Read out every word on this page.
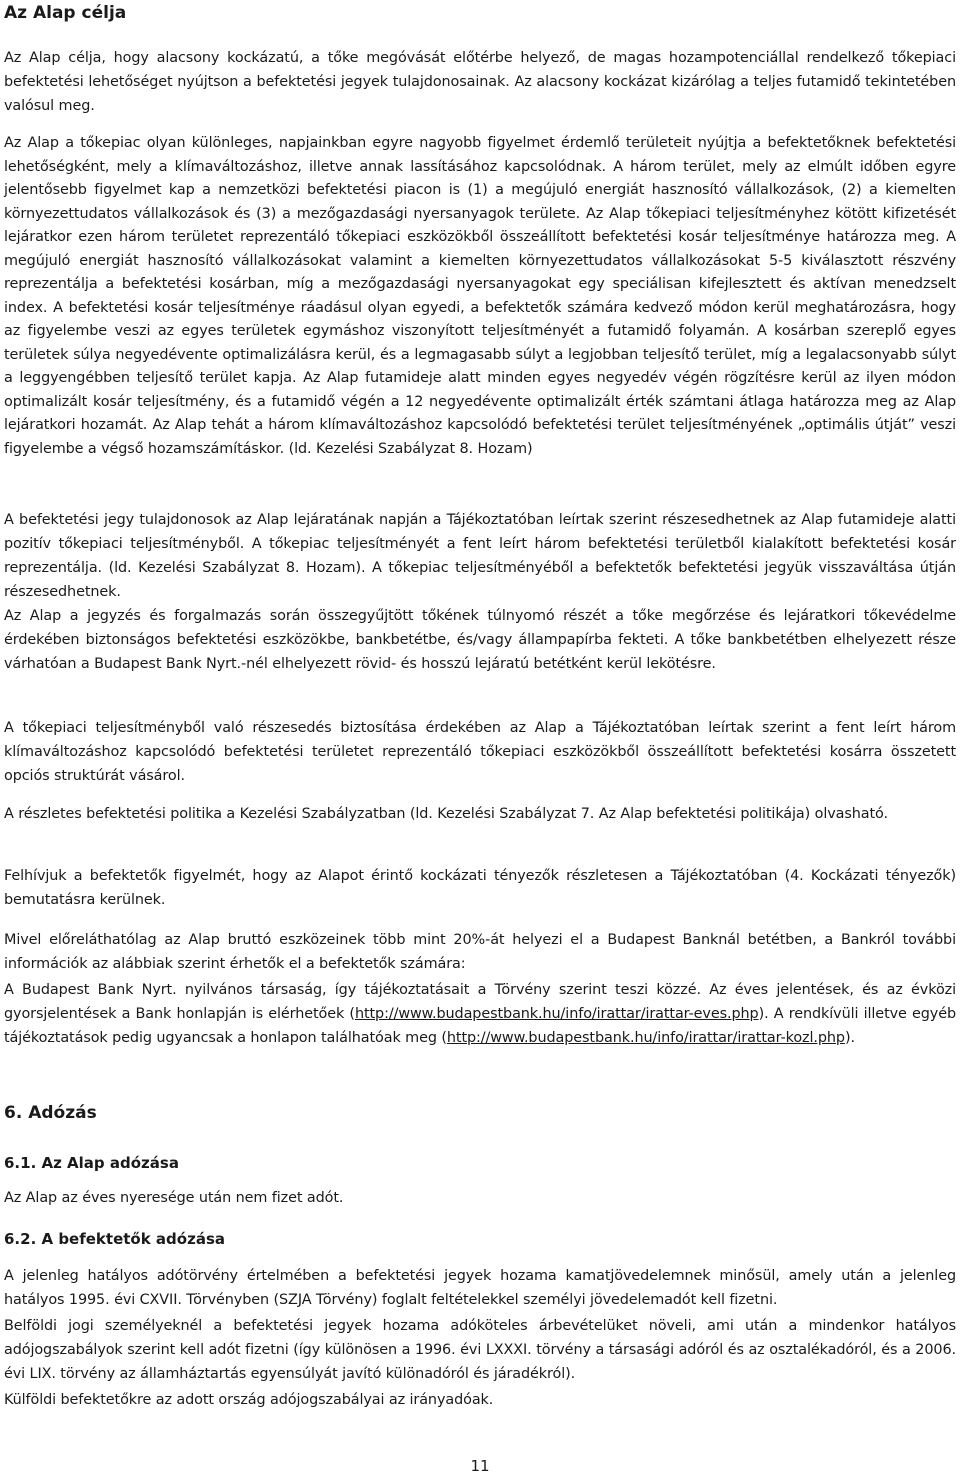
Az Alap célja

Az Alap célja, hogy alacsony kockázatú, a tőke megóvását előtérbe helyező, de magas hozampotenciállal rendelkező tőkepiaci befektetési lehetőséget nyújtson a befektetési jegyek tulajdonosainak. Az alacsony kockázat kizárólag a teljes futamidő tekintetében valósul meg.

Az Alap a tőkepiac olyan különleges, napjainkban egyre nagyobb figyelmet érdemlő területeit nyújtja a befektetőknek befektetési lehetőségként, mely a klímaváltozáshoz, illetve annak lassításához kapcsolódnak. A három terület, mely az elmúlt időben egyre jelentősebb figyelmet kap a nemzetközi befektetési piacon is (1) a megújuló energiát hasznosító vállalkozások, (2) a kiemelten környezettudatos vállalkozások és (3) a mezőgazdasági nyersanyagok területe. Az Alap tőkepiaci teljesítményhez kötött kifizetését lejáratkor ezen három területet reprezentáló tőkepiaci eszközökből összeállított befektetési kosár teljesítménye határozza meg. A megújuló energiát hasznosító vállalkozásokat valamint a kiemelten környezettudatos vállalkozásokat 5-5 kiválasztott részvény reprezentálja a befektetési kosárban, míg a mezőgazdasági nyersanyagokat egy speciálisan kifejlesztett és aktívan menedzselt index. A befektetési kosár teljesítménye ráadásul olyan egyedi, a befektetők számára kedvező módon kerül meghatározásra, hogy az figyelembe veszi az egyes területek egymáshoz viszonyított teljesítményét a futamidő folyamán. A kosárban szereplő egyes területek súlya negyedévente optimalizálásra kerül, és a legmagasabb súlyt a legjobban teljesítő terület, míg a legalacsonyabb súlyt a leggyengébben teljesítő terület kapja. Az Alap futamideje alatt minden egyes negyedév végén rögzítésre kerül az ilyen módon optimalizált kosár teljesítmény, és a futamidő végén a 12 negyedévente optimalizált érték számtani átlaga határozza meg az Alap lejáratkori hozamát. Az Alap tehát a három klímaváltozáshoz kapcsolódó befektetési terület teljesítményének „optimális útját” veszi figyelembe a végső hozamszámításkor. (ld. Kezelési Szabályzat 8. Hozam)

A befektetési jegy tulajdonosok az Alap lejáratának napján a Tájékoztatóban leírtak szerint részesedhetnek az Alap futamideje alatti pozitív tőkepiaci teljesítményből. A tőkepiac teljesítményét a fent leírt három befektetési területből kialakított befektetési kosár reprezentálja. (ld. Kezelési Szabályzat 8. Hozam). A tőkepiac teljesítményéből a befektetők befektetési jegyük visszaváltása útján részesedhetnek.

Az Alap a jegyzés és forgalmazás során összegyűjtött tőkének túlnyomó részét a tőke megőrzése és lejáratkori tőkevédelme érdekében biztonságos befektetési eszközökbe, bankbetétbe, és/vagy állampapírba fekteti. A tőke bankbetétben elhelyezett része várhatóan a Budapest Bank Nyrt.-nél elhelyezett rövid- és hosszú lejáratú betétként kerül lekötésre.

A tőkepiaci teljesítményből való részesedés biztosítása érdekében az Alap a Tájékoztatóban leírtak szerint a fent leírt három klímaváltozáshoz kapcsolódó befektetési területet reprezentáló tőkepiaci eszközökből összeállított befektetési kosárra összetett opciós struktúrát vásárol.

A részletes befektetési politika a Kezelési Szabályzatban (ld. Kezelési Szabályzat 7. Az Alap befektetési politikája) olvasható.

Felhívjuk a befektetők figyelmét, hogy az Alapot érintő kockázati tényezők részletesen a Tájékoztatóban (4. Kockázati tényezők) bemutatásra kerülnek.

Mivel előreláthatólag az Alap bruttó eszközeinek több mint 20%-át helyezi el a Budapest Banknál betétben, a Bankról további információk az alábbiak szerint érhetők el a befektetők számára:

A Budapest Bank Nyrt. nyilvános társaság, így tájékoztatásait a Törvény szerint teszi közzé. Az éves jelentések, és az évközi gyorsjelentések a Bank honlapján is elérhetőek (http://www.budapestbank.hu/info/irattar/irattar-eves.php). A rendkívüli illetve egyéb tájékoztatások pedig ugyancsak a honlapon találhatóak meg (http://www.budapestbank.hu/info/irattar/irattar-kozl.php).

6. Adózás
6.1. Az Alap adózása

Az Alap az éves nyeresége után nem fizet adót.

6.2. A befektetők adózása

A jelenleg hatályos adótörvény értelmében a befektetési jegyek hozama kamatjövedelemnek minősül, amely után a jelenleg hatályos 1995. évi CXVII. Törvényben (SZJA Törvény) foglalt feltételekkel személyi jövedelemadót kell fizetni.

Belföldi jogi személyeknél a befektetési jegyek hozama adóköteles árbevételüket növeli, ami után a mindenkor hatályos adójogszabályok szerint kell adót fizetni (így különösen a 1996. évi LXXXI. törvény a társasági adóról és az osztalékadóról, és a 2006. évi LIX. törvény az államháztartás egyensúlyát javító különadóról és járadékról).

Külföldi befektetőkre az adott ország adójogszabályai az irányadóak.

11
